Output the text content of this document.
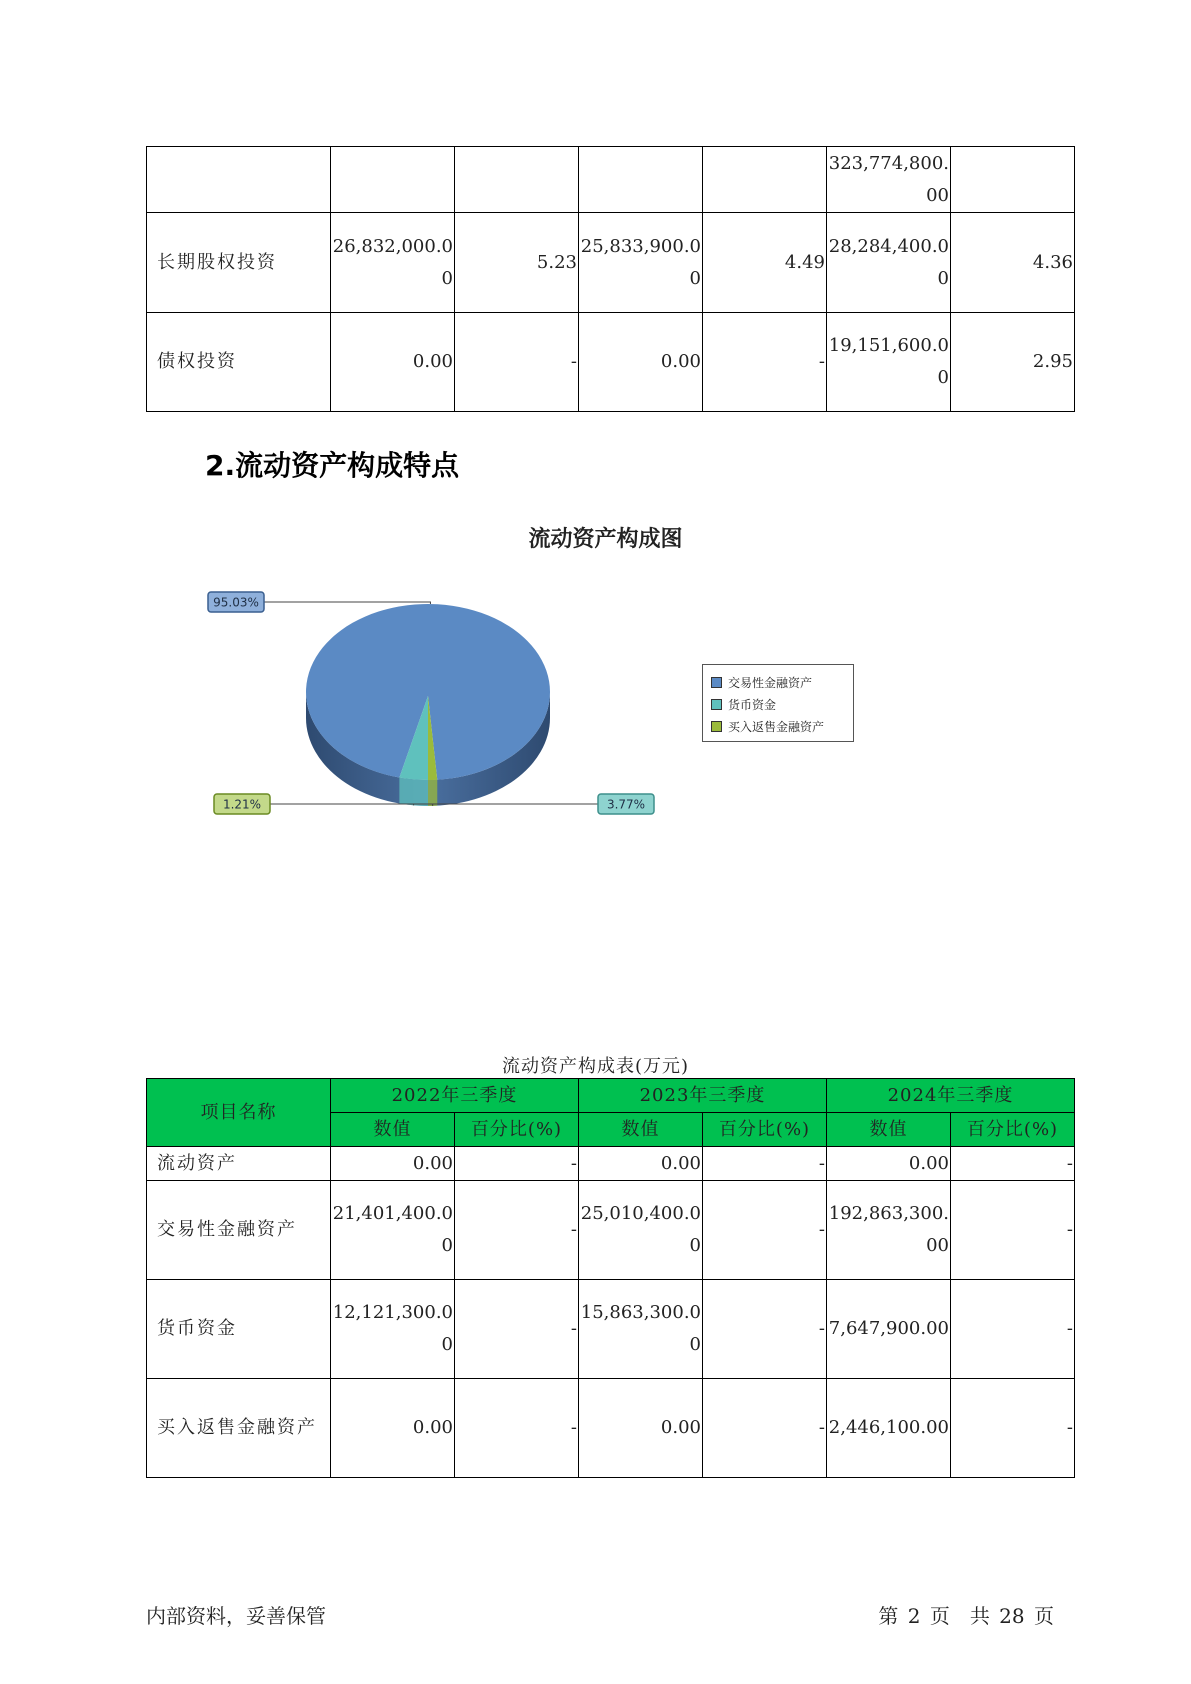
					323,774,800.00	
长期股权投资	26,832,000.00	5.23	25,833,900.00	4.49	28,284,400.00	4.36
债权投资	0.00	-	0.00	-	19,151,600.00	2.95
2.流动资产构成特点
流动资产构成图
95.03%
3.77%
1.21%
交易性金融资产
货币资金
买入返售金融资产
流动资产构成表(万元)
项目名称	2022年三季度		2023年三季度		2024年三季度	
	数值	百分比(%)	数值	百分比(%)	数值	百分比(%)
流动资产	0.00	-	0.00	-	0.00	-
交易性金融资产	21,401,400.00	-	25,010,400.00	-	192,863,300.00	-
货币资金	12,121,300.00	-	15,863,300.00	-	7,647,900.00	-
买入返售金融资产	0.00	-	0.00	-	2,446,100.00	-
内部资料，妥善保管	第 2 页　共 28 页
